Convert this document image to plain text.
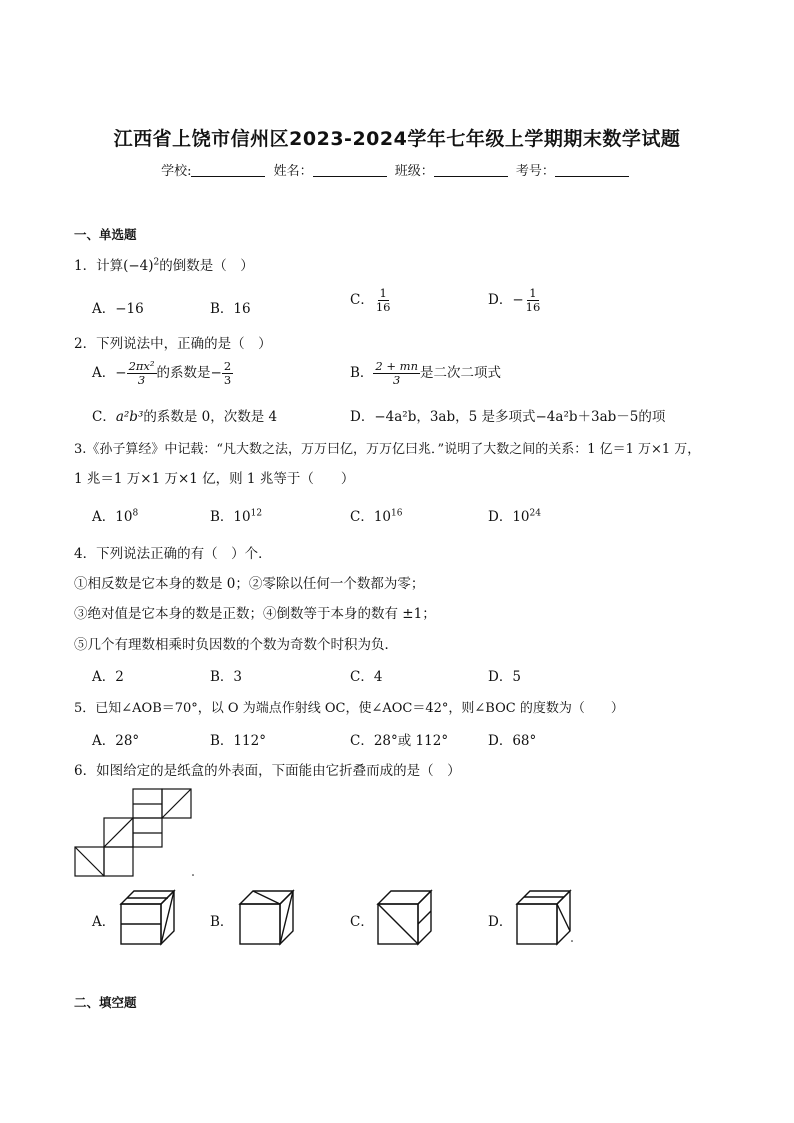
江西省上饶市信州区2023-2024学年七年级上学期期末数学试题
学校:	姓名：	班级：	考号：
一、单选题
1．计算$(-4)^2$的倒数是（　）
A．−16	B．16
C． $\frac{1}{16}$	D．− $\frac{1}{16}$
2．下列说法中，正确的是（　）
A．− $\frac{\text{2πx²}}{3}$ 的系数是− $\frac{2}{3}$	B． $\frac{2 + mn}{3}$ 是二次二项式
C．a²b³的系数是 0，次数是 4	D．−4a²b，3ab，5 是多项式−4a²b＋3ab－5的项
3.《孙子算经》中记载：“凡大数之法，万万曰亿，万万亿曰兆．”说明了大数之间的关系：1 亿＝1 万×1 万，
1 兆＝1 万×1 万×1 亿，则 1 兆等于（　　）
A．$10^8$	B．$10^{12}$	C．$10^{16}$	D．$10^{24}$
4．下列说法正确的有（　）个．
①相反数是它本身的数是 0；②零除以任何一个数都为零；
③绝对值是它本身的数是正数；④倒数等于本身的数有 ±1；
⑤几个有理数相乘时负因数的个数为奇数个时积为负．
A．2	B．3	C．4	D．5
5．已知∠AOB＝70°，以 O 为端点作射线 OC，使∠AOC＝42°，则∠BOC 的度数为（　　）
A．28°	B．112°	C．28°或 112°	D．68°
6．如图给定的是纸盒的外表面，下面能由它折叠而成的是（　）
A．	B．	C．	D．
二、填空题
